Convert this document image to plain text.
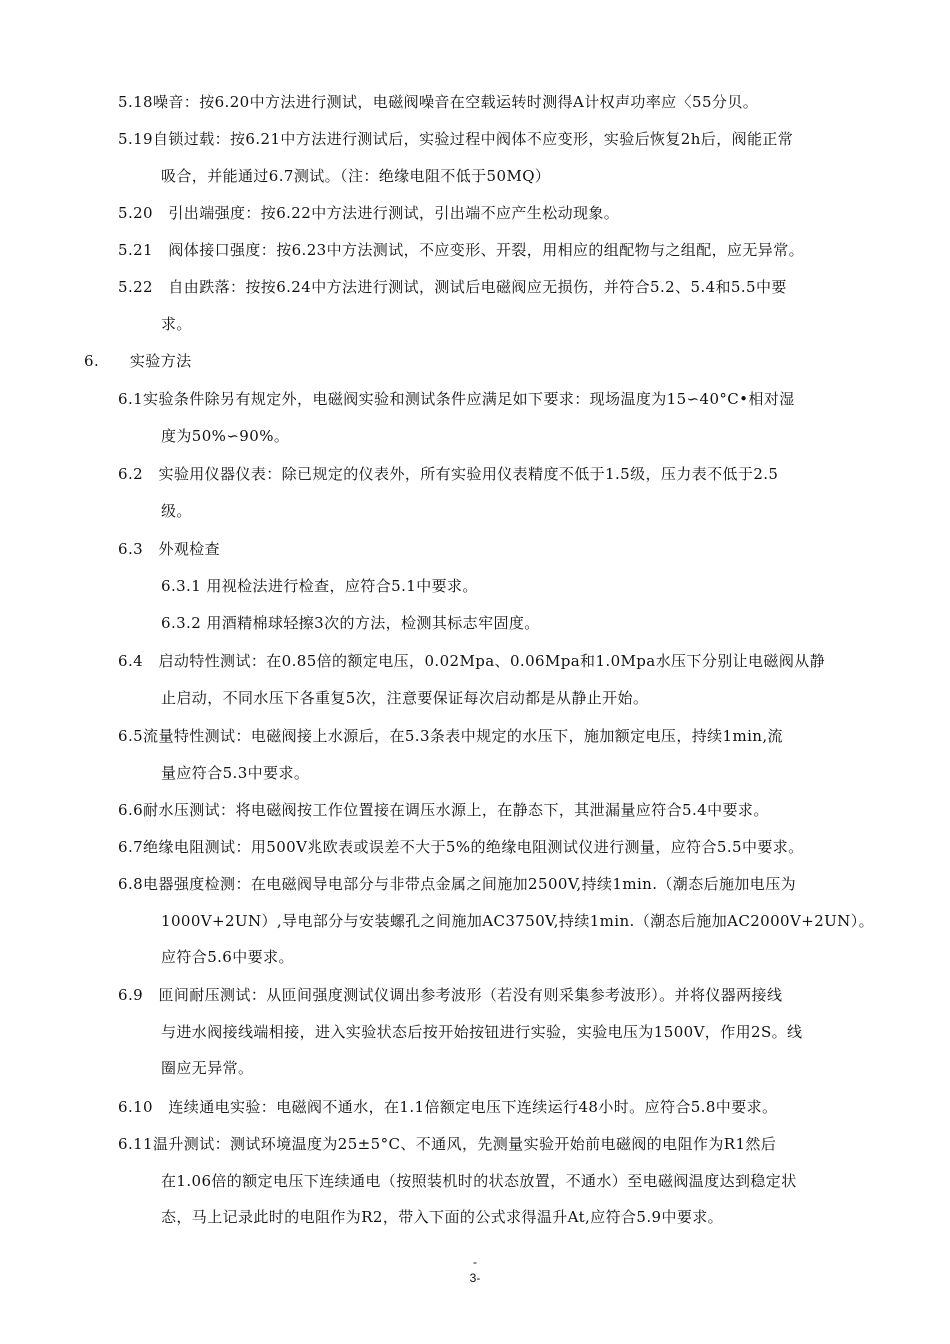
5.18噪音：按6.20中方法进行测试，电磁阀噪音在空载运转时测得A计权声功率应〈55分贝。
5.19自锁过载：按6.21中方法进行测试后，实验过程中阀体不应变形，实验后恢复2h后，阀能正常
吸合，并能通过6.7测试。（注：绝缘电阻不低于50MQ）
5.20　引出端强度：按6.22中方法进行测试，引出端不应产生松动现象。
5.21　阀体接口强度：按6.23中方法测试，不应变形、开裂，用相应的组配物与之组配，应无异常。
5.22　自由跌落：按按6.24中方法进行测试，测试后电磁阀应无损伤，并符合5.2、5.4和5.5中要
求。
6.　　实验方法
6.1实验条件除另有规定外，电磁阀实验和测试条件应满足如下要求：现场温度为15∽40°C•相对湿
度为50%∽90%。
6.2　实验用仪器仪表：除已规定的仪表外，所有实验用仪表精度不低于1.5级，压力表不低于2.5
级。
6.3　外观检查
6.3.1 用视检法进行检查，应符合5.1中要求。
6.3.2 用酒精棉球轻擦3次的方法，检测其标志牢固度。
6.4　启动特性测试：在0.85倍的额定电压，0.02Mpa、0.06Mpa和1.0Mpa水压下分别让电磁阀从静
止启动，不同水压下各重复5次，注意要保证每次启动都是从静止开始。
6.5流量特性测试：电磁阀接上水源后，在5.3条表中规定的水压下，施加额定电压，持续1min,流
量应符合5.3中要求。
6.6耐水压测试：将电磁阀按工作位置接在调压水源上，在静态下，其泄漏量应符合5.4中要求。
6.7绝缘电阻测试：用500V兆欧表或误差不大于5%的绝缘电阻测试仪进行测量，应符合5.5中要求。
6.8电器强度检测：在电磁阀导电部分与非带点金属之间施加2500V,持续1min.（潮态后施加电压为
1000V+2UN）,导电部分与安装螺孔之间施加AC3750V,持续1min.（潮态后施加AC2000V+2UN）。
应符合5.6中要求。
6.9　匝间耐压测试：从匝间强度测试仪调出参考波形（若没有则采集参考波形）。并将仪器两接线
与进水阀接线端相接，进入实验状态后按开始按钮进行实验，实验电压为1500V，作用2S。线
圈应无异常。
6.10　连续通电实验：电磁阀不通水，在1.1倍额定电压下连续运行48小时。应符合5.8中要求。
6.11温升测试：测试环境温度为25±5°C、不通风，先测量实验开始前电磁阀的电阻作为R1然后
在1.06倍的额定电压下连续通电（按照装机时的状态放置，不通水）至电磁阀温度达到稳定状
态，马上记录此时的电阻作为R2，带入下面的公式求得温升At,应符合5.9中要求。
-
3-
